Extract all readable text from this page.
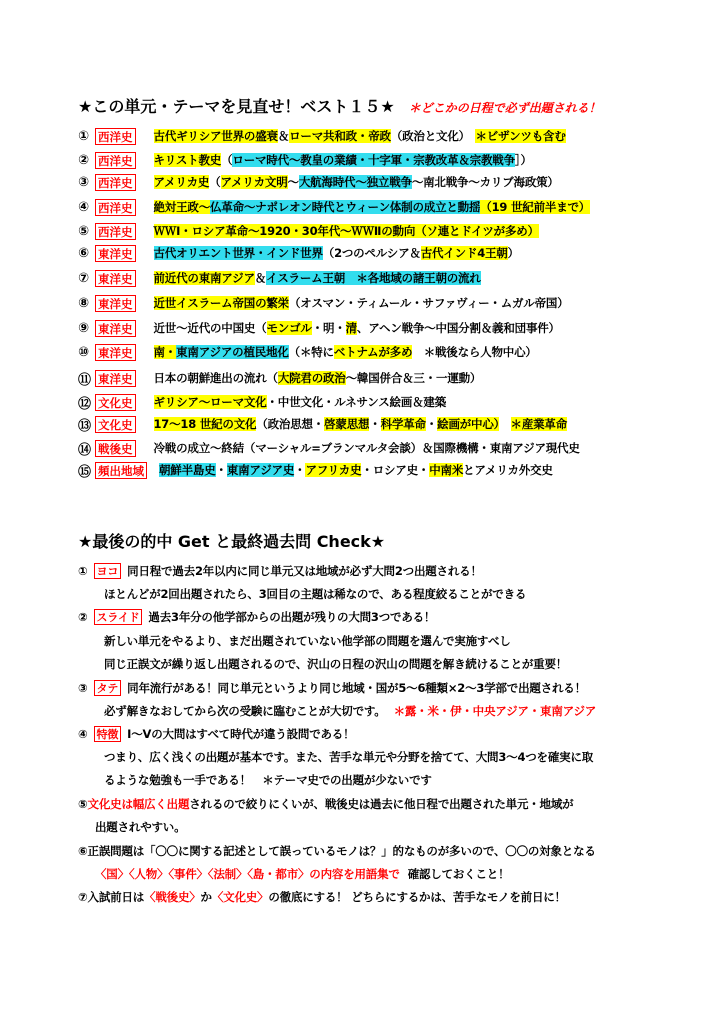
★この単元・テーマを見直せ！ベスト１５★ ＊どこかの日程で必ず出題される！
① 西洋史 古代ギリシア世界の盛衰＆ローマ共和政・帝政（政治と文化）　＊ビザンツも含む
② 西洋史 キリスト教史（ローマ時代〜教皇の業績・十字軍・宗教改革＆宗教戦争］）
③ 西洋史 アメリカ史（アメリカ文明〜大航海時代〜独立戦争〜南北戦争〜カリブ海政策）
④ 西洋史 絶対王政〜仏革命〜ナポレオン時代とウィーン体制の成立と動揺（19 世紀前半まで）
⑤ 西洋史 ＷＷⅠ・ロシア革命〜1920・30年代〜ＷＷⅡの動向（ソ連とドイツが多め）
⑥ 東洋史 古代オリエント世界・インド世界（2つのペルシア＆古代インド4王朝）
⑦ 東洋史 前近代の東南アジア＆イスラーム王朝　＊各地域の諸王朝の流れ
⑧ 東洋史 近世イスラーム帝国の繁栄（オスマン・ティムール・サファヴィー・ムガル帝国）
⑨ 東洋史 近世〜近代の中国史（モンゴル・明・清、アヘン戦争〜中国分割＆義和団事件）
⑩ 東洋史 南・東南アジアの植民地化（＊特にベトナムが多め　＊戦後なら人物中心）
⑪ 東洋史 日本の朝鮮進出の流れ（大院君の政治〜韓国併合＆三・一運動）
⑫ 文化史 ギリシア〜ローマ文化・中世文化・ルネサンス絵画＆建築
⑬ 文化史 17〜18 世紀の文化（政治思想・啓蒙思想・科学革命・絵画が中心）　 ＊産業革命
⑭ 戦後史 冷戦の成立〜終結（マーシャル=ブランマルタ会談）＆国際機構・東南アジア現代史
⑮ 頻出地域 朝鮮半島史・東南アジア史・アフリカ史・ロシア史・中南米とアメリカ外交史
★最後の的中 Get と最終過去問 Check★
① ヨコ 同日程で過去2年以内に同じ単元又は地域が必ず大問2つ出題される！
ほとんどが2回出題されたら、3回目の主題は稀なので、ある程度絞ることができる
② スライド 過去3年分の他学部からの出題が残りの大問3つである！
新しい単元をやるより、まだ出題されていない他学部の問題を選んで実施すべし
同じ正誤文が繰り返し出題されるので、沢山の日程の沢山の問題を解き続けることが重要！
③ タテ 同年流行がある！同じ単元というより同じ地域・国が5〜6種類×2〜3学部で出題される！
必ず解きなおしてから次の受験に臨むことが大切です。 ＊露・米・伊・中央アジア・東南アジア
④ 特徴 Ⅰ〜Ⅴの大問はすべて時代が違う設問である！
つまり、広く浅くの出題が基本です。また、苦手な単元や分野を捨てて、大問3〜4つを確実に取
るような勉強も一手である！　＊テーマ史での出題が少ないです
⑤文化史は幅広く出題されるので絞りにくいが、戦後史は過去に他日程で出題された単元・地域が
出題されやすい。
⑥正誤問題は「〇〇に関する記述として誤っているモノは？」的なものが多いので、〇〇の対象となる
〈国〉〈人物〉〈事件〉〈法制〉〈島・都市〉の内容を用語集で 確認しておくこと！
⑦入試前日は〈戦後史〉か〈文化史〉の徹底にする！ どちらにするかは、苦手なモノを前日に！
